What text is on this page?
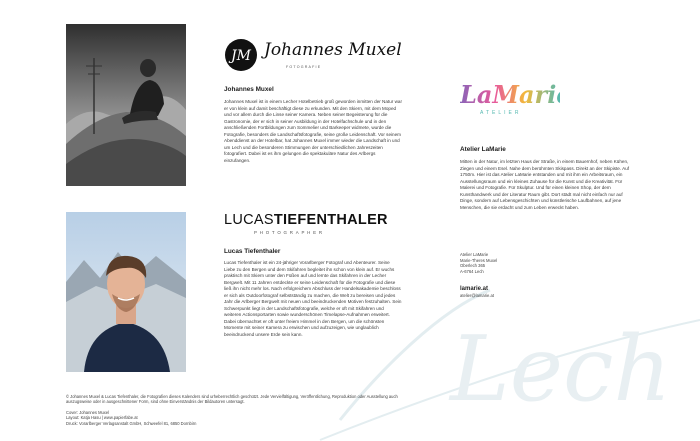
Lech
JM Johannes Muxel
FOTOGRAFIE

Johannes Muxel

Johannes Muxel ist in einem Lecher Hotelbetrieb groß geworden inmitten der Natur war er von klein auf damit beschäftigt diese zu erkunden. Mit den Skiern, mit dem Moped und vor allem durch die Linse seiner Kamera. Neben seiner Begeisterung für die Gastronomie, der er sich in seiner Ausbildung in der Hotelfachschule und in den anschließenden Fortbildungen zum Sommelier und Barkeeper widmete, wurde die Fotografie, besonders die Landschaftsfotografie, seine große Leidenschaft. Vor seinem Abenddienst an der Hotelbar, hat Johannes Muxel immer wieder die Landschaft in und um Lech und die besonderen Stimmungen der unterschiedlichen Jahreszeiten fotografiert. Dabei ist es ihm gelungen die spektakuläre Natur des Arlbergs einzufangen.

LUCASTIEFENTHALER
PHOTOGRAPHER

Lucas Tiefenthaler

Lucas Tiefenthaler ist ein 24-jähriger Vorarlberger Fotograf und Abenteurer. Seine Liebe zu den Bergen und dem Skifahren begleitet ihn schon von klein auf. Er wuchs praktisch mit Skiern unter den Füßen auf und lernte das Skifahren in der Lecher Bergwelt. Mit 11 Jahren entdeckte er seine Leidenschaft für die Fotografie und diese ließ ihn nicht mehr los. Nach erfolgreichem Abschluss der Handelsakademie beschloss er sich als Outdoorfotograf selbstständig zu machen, die Welt zu bereisen und jedes Jahr die Arlberger Bergwelt mit neuen und beeindruckenden Motiven festzuhalten. Sein Schwerpunkt liegt in der Landschaftsfotografie, welche er oft mit Skifahren und weiteren Actionsportarten sowie wunderschönen Timelapse-Aufnahmen erweitert. Dabei übernachtet er oft unter freiem Himmel in den Bergen, um die schönsten Momente mit seiner Kamera zu erwischen und aufzuzeigen, wie unglaublich beeindruckend unsere Erde sein kann.

LaMarie
ATELIER

Atelier LaMarie

Mitten in der Natur, im letzten Haus der Straße, in einem Bauernhof, neben Kühen, Ziegen und einem Esel. Nahe dem berühmten Skispass. Direkt an der Skipiste. Auf 1750m. Hier ist das Atelier LaMarie entstanden und mit ihm ein Arbeitsraum, ein Ausstellungsraum und ein kleines Zuhause für die Kunst und die Kreativität. Für Malerei und Fotografie. Für Skulptur. Und für einen kleinen Shop, der dem Kunsthandwerk und der Literatur Raum gibt. Dort städt mal nicht einfach nur auf Dinge, sondern auf Lebensgeschichten und künstlerische Laufbahnen, auf jene Menschen, die sie erdacht und zum Leben erweckt haben.

Atelier LaMarie

Marie-Theres Muxel

Oberlech 365

A-6764 Lech

lamarie.at
atelier@lamarie.at

© Johannes Muxel & Lucas Tiefenthaler, die Fotografien dieses Kalenders sind urheberrechtlich geschützt. Jede Vervielfältigung, Veröffentlichung, Reproduktion oder Ausstellung auch auszugsweise oder in ausgeschnittener Form, sind ohne Einverständnis der Bildautoren untersagt.

Cover: Johannes Muxel

Layout: Katja Hasu | www.papierfabe.at

Druck: Vorarlberger Verlagsanstalt GmbH, Schweefel 81, 6850 Dornbirn
